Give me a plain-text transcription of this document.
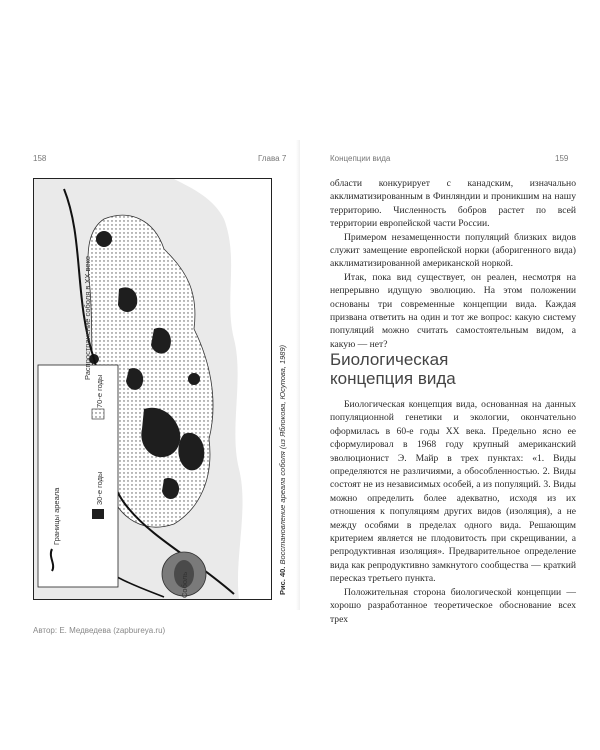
158	Глава 7
Распространение соболя в XX веке
30-е годы
70-е годы
Границы ареала
Соболь	Рис. 40. Восстановление ареала соболя (из Яблокова, Юсупова, 1989)
Автор: Е. Медведева (zapbureya.ru)
Концепции вида	159

области конкурирует с канадским, изначально акклиматизированным в Финляндии и проникшим на нашу территорию. Численность бобров растет по всей территории европейской части России.

Примером незамещенности популяций близких видов служит замещение европейской норки (аборигенного вида) акклиматизированной американской норкой.

Итак, пока вид существует, он реален, несмотря на непрерывно идущую эволюцию. На этом положении основаны три современные концепции вида. Каждая призвана ответить на один и тот же вопрос: какую систему популяций можно считать самостоятельным видом, а какую — нет?

Биологическая
концепция вида

Биологическая концепция вида, основанная на данных популяционной генетики и экологии, окончательно оформилась в 60-е годы XX века. Предельно ясно ее сформулировал в 1968 году крупный американский эволюционист Э. Майр в трех пунктах: «1. Виды определяются не различиями, а обособленностью. 2. Виды состоят не из независимых особей, а из популяций. 3. Виды можно определить более адекватно, исходя из их отношения к популяциям других видов (изоляция), а не между особями в пределах одного вида. Решающим критерием является не плодовитость при скрещивании, а репродуктивная изоляция». Предварительное определение вида как репродуктивно замкнутого сообщества — краткий пересказ третьего пункта.

Положительная сторона биологической концепции — хорошо разработанное теоретическое обоснование всех трех
